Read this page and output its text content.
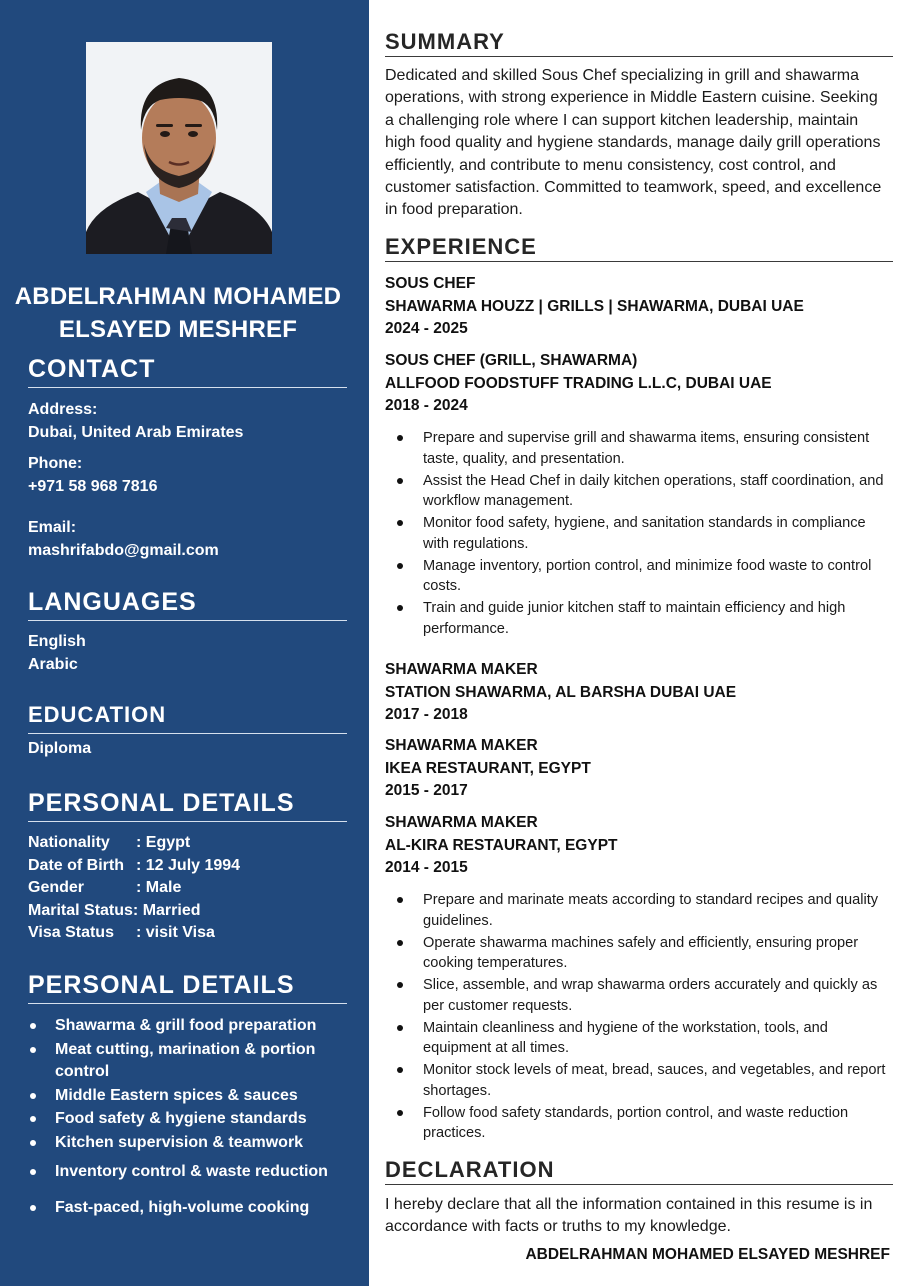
ABDELRAHMAN MOHAMED
ELSAYED MESHREF
CONTACT
Address:
Dubai, United Arab Emirates
Phone:
+971 58 968 7816
Email:
mashrifabdo@gmail.com
LANGUAGES
English
Arabic
EDUCATION
Diploma
PERSONAL DETAILS
Nationality	: Egypt
Date of Birth : 12 July 1994
Gender	: Male
Marital Status : Married
Visa Status	: visit Visa
PERSONAL DETAILS
Shawarma & grill food preparation
Meat cutting, marination & portion control
Middle Eastern spices & sauces
Food safety & hygiene standards
Kitchen supervision & teamwork
Inventory control & waste reduction
Fast-paced, high-volume cooking
SUMMARY

Dedicated and skilled Sous Chef specializing in grill and shawarma operations, with strong experience in Middle Eastern cuisine. Seeking a challenging role where I can support kitchen leadership, maintain high food quality and hygiene standards, manage daily grill operations efficiently, and contribute to menu consistency, cost control, and customer satisfaction. Committed to teamwork, speed, and excellence in food preparation.

EXPERIENCE
SOUS CHEF
SHAWARMA HOUZZ | GRILLS | SHAWARMA, DUBAI UAE
2024 - 2025
SOUS CHEF (GRILL, SHAWARMA)
ALLFOOD FOODSTUFF TRADING L.L.C, DUBAI UAE
2018 - 2024
Prepare and supervise grill and shawarma items, ensuring consistent taste, quality, and presentation.
Assist the Head Chef in daily kitchen operations, staff coordination, and workflow management.
Monitor food safety, hygiene, and sanitation standards in compliance with regulations.
Manage inventory, portion control, and minimize food waste to control costs.
Train and guide junior kitchen staff to maintain efficiency and high performance.
SHAWARMA MAKER
STATION SHAWARMA, AL BARSHA DUBAI UAE
2017 - 2018
SHAWARMA MAKER
IKEA RESTAURANT, EGYPT
2015 - 2017
SHAWARMA MAKER
AL-KIRA RESTAURANT, EGYPT
2014 - 2015
Prepare and marinate meats according to standard recipes and quality guidelines.
Operate shawarma machines safely and efficiently, ensuring proper cooking temperatures.
Slice, assemble, and wrap shawarma orders accurately and quickly as per customer requests.
Maintain cleanliness and hygiene of the workstation, tools, and equipment at all times.
Monitor stock levels of meat, bread, sauces, and vegetables, and report shortages.
Follow food safety standards, portion control, and waste reduction practices.
DECLARATION

I hereby declare that all the information contained in this resume is in accordance with facts or truths to my knowledge.

ABDELRAHMAN MOHAMED ELSAYED MESHREF
